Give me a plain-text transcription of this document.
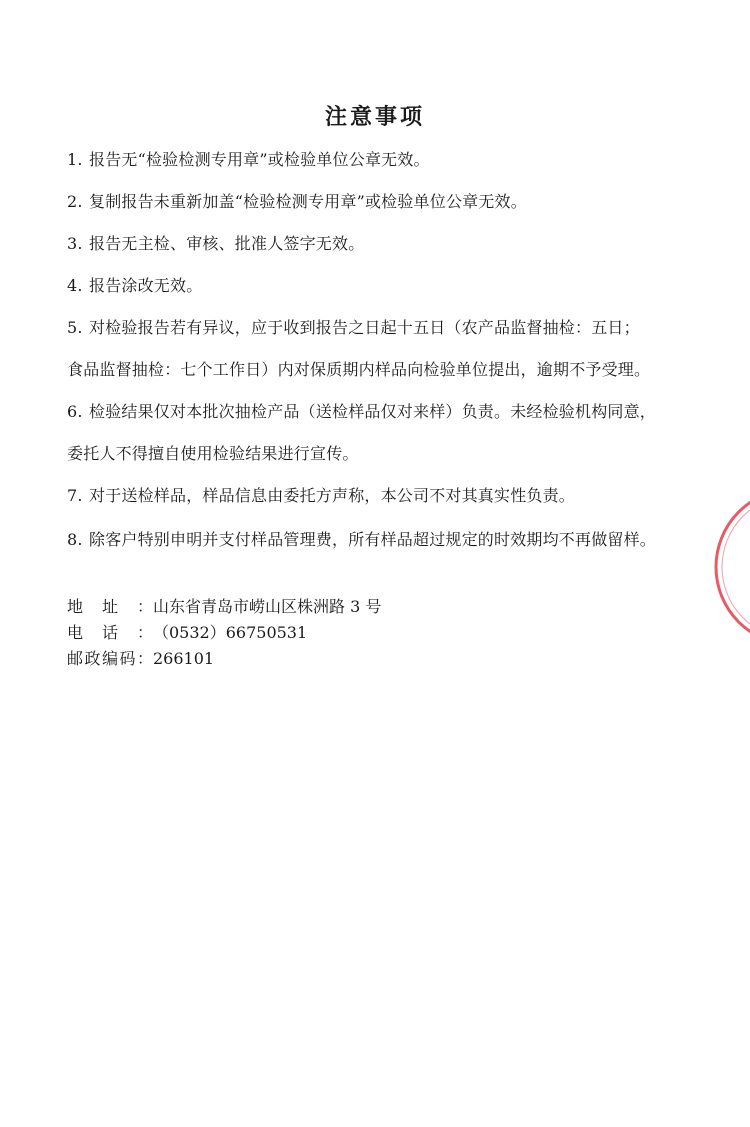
注意事项
1. 报告无“检验检测专用章”或检验单位公章无效。
2. 复制报告未重新加盖“检验检测专用章”或检验单位公章无效。
3. 报告无主检、审核、批准人签字无效。
4. 报告涂改无效。
5. 对检验报告若有异议，应于收到报告之日起十五日（农产品监督抽检：五日；
食品监督抽检：七个工作日）内对保质期内样品向检验单位提出，逾期不予受理。
6. 检验结果仅对本批次抽检产品（送检样品仅对来样）负责。未经检验机构同意，
委托人不得擅自使用检验结果进行宣传。
7. 对于送检样品，样品信息由委托方声称，本公司不对其真实性负责。
8. 除客户特别申明并支付样品管理费，所有样品超过规定的时效期均不再做留样。
地址：山东省青岛市崂山区株洲路 3 号
电话：（0532）66750531
邮政编码：266101
